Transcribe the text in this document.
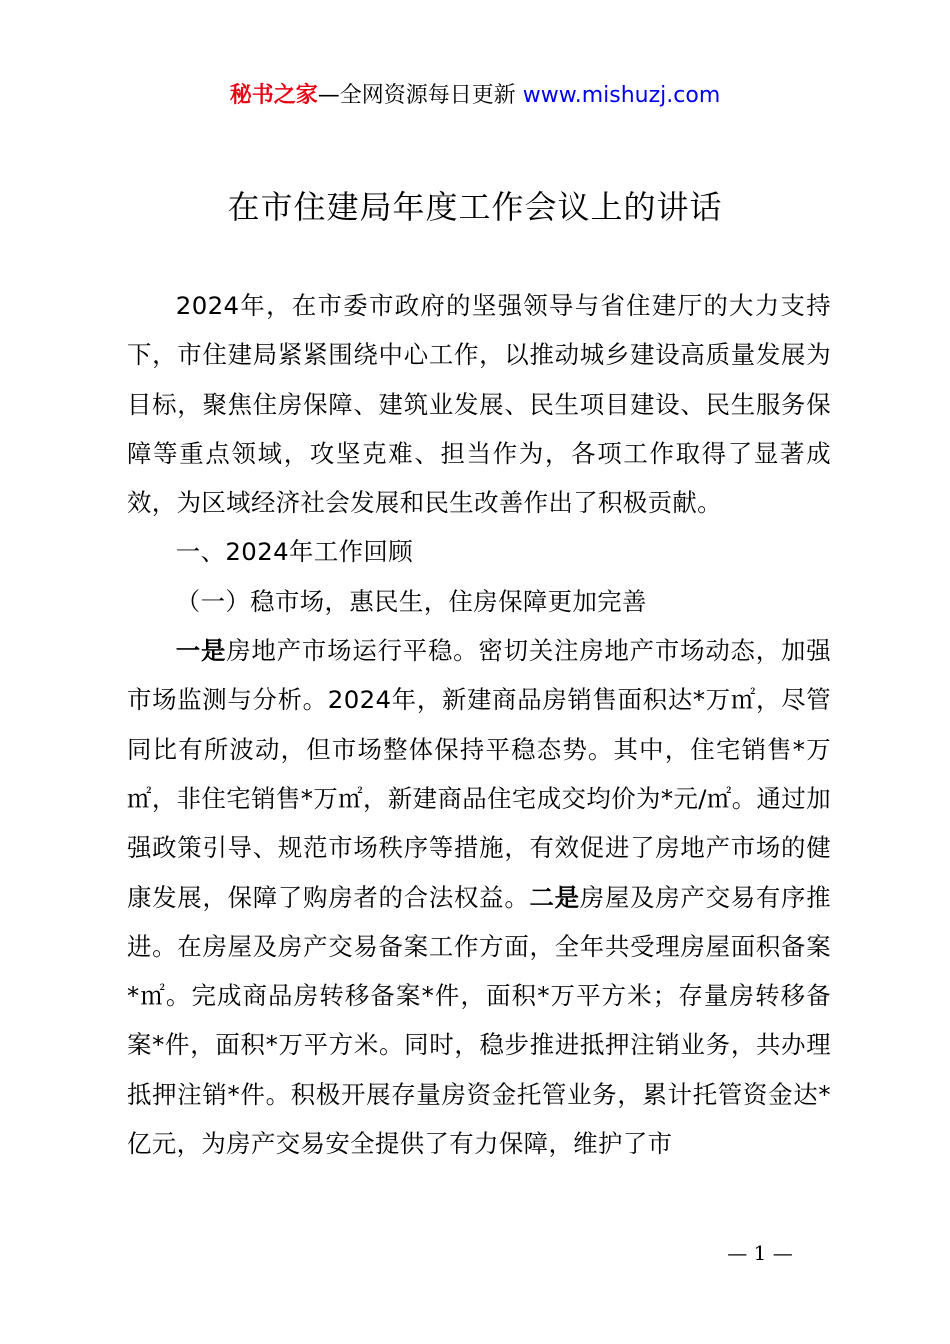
秘书之家—全网资源每日更新 www.mishuzj.com
在市住建局年度工作会议上的讲话

2024年，在市委市政府的坚强领导与省住建厅的大力支持下，市住建局紧紧围绕中心工作，以推动城乡建设高质量发展为目标，聚焦住房保障、建筑业发展、民生项目建设、民生服务保障等重点领域，攻坚克难、担当作为，各项工作取得了显著成效，为区域经济社会发展和民生改善作出了积极贡献。

一、2024年工作回顾

（一）稳市场，惠民生，住房保障更加完善

一是房地产市场运行平稳。密切关注房地产市场动态，加强市场监测与分析。2024年，新建商品房销售面积达*万㎡，尽管同比有所波动，但市场整体保持平稳态势。其中，住宅销售*万㎡，非住宅销售*万㎡，新建商品住宅成交均价为*元/㎡。通过加强政策引导、规范市场秩序等措施，有效促进了房地产市场的健康发展，保障了购房者的合法权益。二是房屋及房产交易有序推进。在房屋及房产交易备案工作方面，全年共受理房屋面积备案*㎡。完成商品房转移备案*件，面积*万平方米；存量房转移备案*件，面积*万平方米。同时，稳步推进抵押注销业务，共办理抵押注销*件。积极开展存量房资金托管业务，累计托管资金达*亿元，为房产交易安全提供了有力保障，维护了市

— 1 —
